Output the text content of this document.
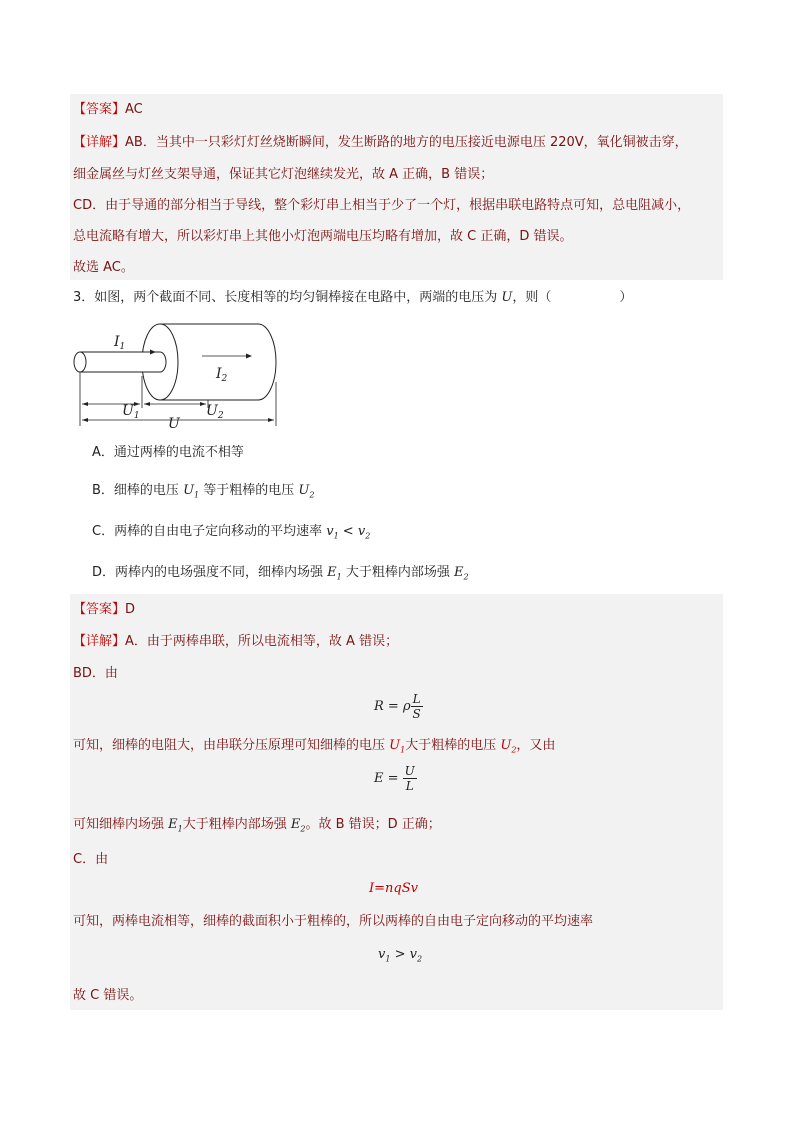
【答案】AC
【详解】AB．当其中一只彩灯灯丝烧断瞬间，发生断路的地方的电压接近电源电压 220V，氧化铜被击穿，
细金属丝与灯丝支架导通，保证其它灯泡继续发光，故 A 正确，B 错误；
CD．由于导通的部分相当于导线，整个彩灯串上相当于少了一个灯，根据串联电路特点可知，总电阻减小，
总电流略有增大，所以彩灯串上其他小灯泡两端电压均略有增加，故 C 正确，D 错误。
故选 AC。
3．如图，两个截面不同、长度相等的均匀铜棒接在电路中，两端的电压为 U，则（	）
$I_1$
$I_2$
$U_1$	$U_2$
U
A．通过两棒的电流不相等
B．细棒的电压 $U_1$ 等于粗棒的电压 $U_2$
C．两棒的自由电子定向移动的平均速率 $v_1 < v_2$
D．两棒内的电场强度不同，细棒内场强 $E_1$ 大于粗棒内部场强 $E_2$
【答案】D
【详解】A．由于两棒串联，所以电流相等，故 A 错误；
BD．由
R = ρ $\frac{L}{S}$
可知，细棒的电阻大，由串联分压原理可知细棒的电压 $U_1$大于粗棒的电压 $U_2$，又由
$E = \frac{U}{L}$
可知细棒内场强 $E_1$大于粗棒内部场强 $E_2$。故 B 错误；D 正确；
C．由
I=nqSv
可知，两棒电流相等，细棒的截面积小于粗棒的，所以两棒的自由电子定向移动的平均速率
$v_1 > v_2$
故 C 错误。
